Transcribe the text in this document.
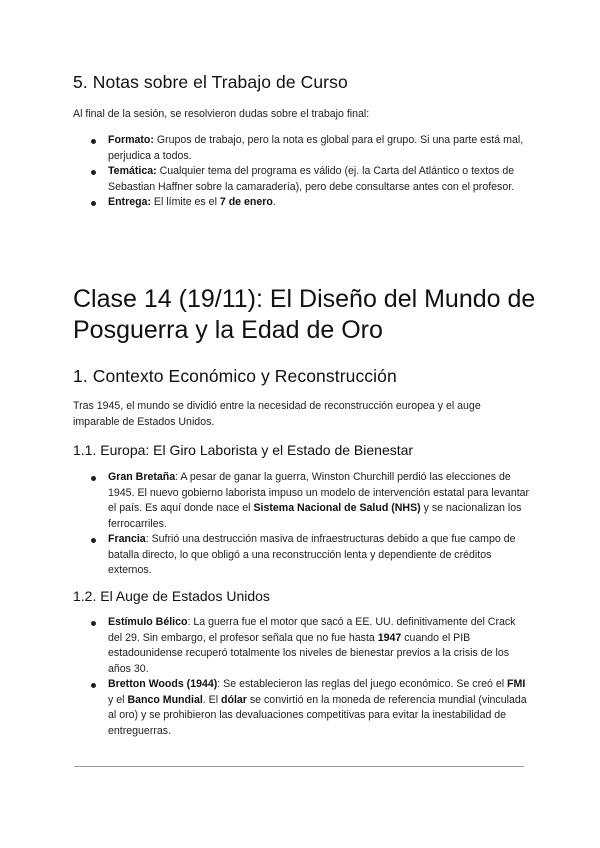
5. Notas sobre el Trabajo de Curso

Al final de la sesión, se resolvieron dudas sobre el trabajo final:

Formato: Grupos de trabajo, pero la nota es global para el grupo. Si una parte está mal, perjudica a todos.
Temática: Cualquier tema del programa es válido (ej. la Carta del Atlántico o textos de Sebastian Haffner sobre la camaradería), pero debe consultarse antes con el profesor.
Entrega: El límite es el 7 de enero.
Clase 14 (19/11): El Diseño del Mundo de Posguerra y la Edad de Oro
1. Contexto Económico y Reconstrucción

Tras 1945, el mundo se dividió entre la necesidad de reconstrucción europea y el auge imparable de Estados Unidos.

1.1. Europa: El Giro Laborista y el Estado de Bienestar
Gran Bretaña: A pesar de ganar la guerra, Winston Churchill perdió las elecciones de 1945. El nuevo gobierno laborista impuso un modelo de intervención estatal para levantar el país. Es aquí donde nace el Sistema Nacional de Salud (NHS) y se nacionalizan los ferrocarriles.
Francia: Sufrió una destrucción masiva de infraestructuras debido a que fue campo de batalla directo, lo que obligó a una reconstrucción lenta y dependiente de créditos externos.
1.2. El Auge de Estados Unidos
Estímulo Bélico: La guerra fue el motor que sacó a EE. UU. definitivamente del Crack del 29. Sin embargo, el profesor señala que no fue hasta 1947 cuando el PIB estadounidense recuperó totalmente los niveles de bienestar previos a la crisis de los años 30.
Bretton Woods (1944): Se establecieron las reglas del juego económico. Se creó el FMI y el Banco Mundial. El dólar se convirtió en la moneda de referencia mundial (vinculada al oro) y se prohibieron las devaluaciones competitivas para evitar la inestabilidad de entreguerras.
